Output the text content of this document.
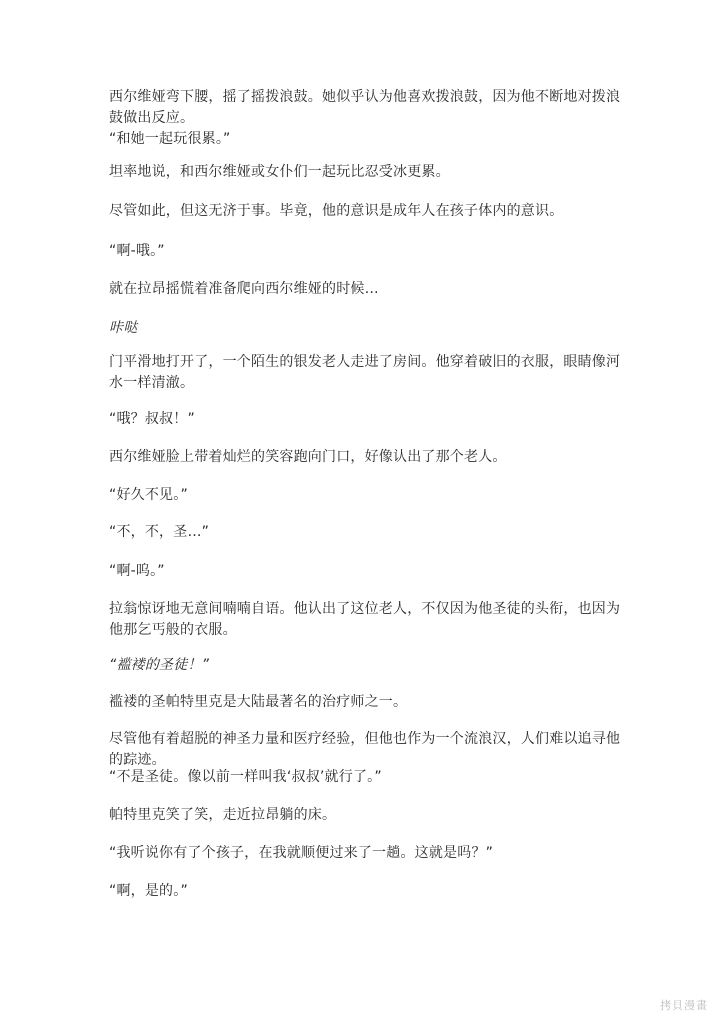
西尔维娅弯下腰，摇了摇拨浪鼓。她似乎认为他喜欢拨浪鼓，因为他不断地对拨浪鼓做出反应。

“和她一起玩很累。”

坦率地说，和西尔维娅或女仆们一起玩比忍受冰更累。

尽管如此，但这无济于事。毕竟，他的意识是成年人在孩子体内的意识。

“啊-哦。”

就在拉昂摇慌着准备爬向西尔维娅的时候…

咔哒

门平滑地打开了，一个陌生的银发老人走进了房间。他穿着破旧的衣服，眼睛像河水一样清澈。

“哦？叔叔！”

西尔维娅脸上带着灿烂的笑容跑向门口，好像认出了那个老人。

“好久不见。”

“不，不，圣…”

“啊-呜。”

拉翁惊讶地无意间喃喃自语。他认出了这位老人，不仅因为他圣徒的头衔，也因为他那乞丐般的衣服。

“褴褛的圣徒！”

褴褛的圣帕特里克是大陆最著名的治疗师之一。

尽管他有着超脱的神圣力量和医疗经验，但他也作为一个流浪汉，人们难以追寻他的踪迹。

“不是圣徒。像以前一样叫我‘叔叔’就行了。”

帕特里克笑了笑，走近拉昂躺的床。

“我听说你有了个孩子，在我就顺便过来了一趟。这就是吗？”

“啊，是的。”

拷貝漫畫
